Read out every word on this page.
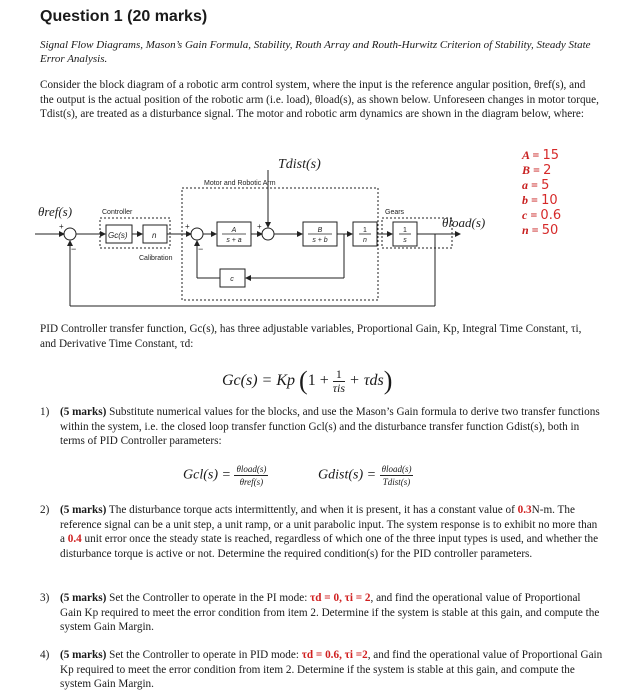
Question 1 (20 marks)
Signal Flow Diagrams, Mason’s Gain Formula, Stability, Routh Array and Routh-Hurwitz Criterion of Stability, Steady State Error Analysis.
Consider the block diagram of a robotic arm control system, where the input is the reference angular position, θref(s), and the output is the actual position of the robotic arm (i.e. load), θload(s), as shown below. Unforeseen changes in motor torque, Tdist(s), are treated as a disturbance signal. The motor and robotic arm dynamics are shown in the diagram below, where:
+	+	+
−	−
Tdist(s)
Motor and Robotic Arm
θref(s)	Controller
Gc(s)	n
Calibration
Gears
θload(s)
A
s + a
B
s + b
c
1
n
1
s
A = 15
B = 2
a = 5
b = 10
c = 0.6
n = 50
PID Controller transfer function, Gc(s), has three adjustable variables, Proportional Gain, Kp, Integral Time Constant, τi, and Derivative Time Constant, τd:
Gc(s) = Kp (1 + 1
τis + τds)
1) (5 marks) Substitute numerical values for the blocks, and use the Mason’s Gain formula to derive two transfer functions within the system, i.e. the closed loop transfer function Gcl(s) and the disturbance transfer function Gdist(s), both in terms of PID Controller parameters:
Gcl(s) = θload(s)
θref(s)	Gdist(s) = θload(s)
Tdist(s)
2) (5 marks) The disturbance torque acts intermittently, and when it is present, it has a constant value of 0.3N-m. The reference signal can be a unit step, a unit ramp, or a unit parabolic input. The system response is to exhibit no more than a 0.4 unit error once the steady state is reached, regardless of which one of the three input types is used, and whether the disturbance torque is active or not. Determine the required condition(s) for the PID controller parameters.
3) (5 marks) Set the Controller to operate in the PI mode: τd = 0, τi = 2, and find the operational value of Proportional Gain Kp required to meet the error condition from item 2. Determine if the system is stable at this gain, and compute the system Gain Margin.
4) (5 marks) Set the Controller to operate in PID mode: τd = 0.6, τi =2, and find the operational value of Proportional Gain Kp required to meet the error condition from item 2. Determine if the system is stable at this gain, and compute the system Gain Margin.
